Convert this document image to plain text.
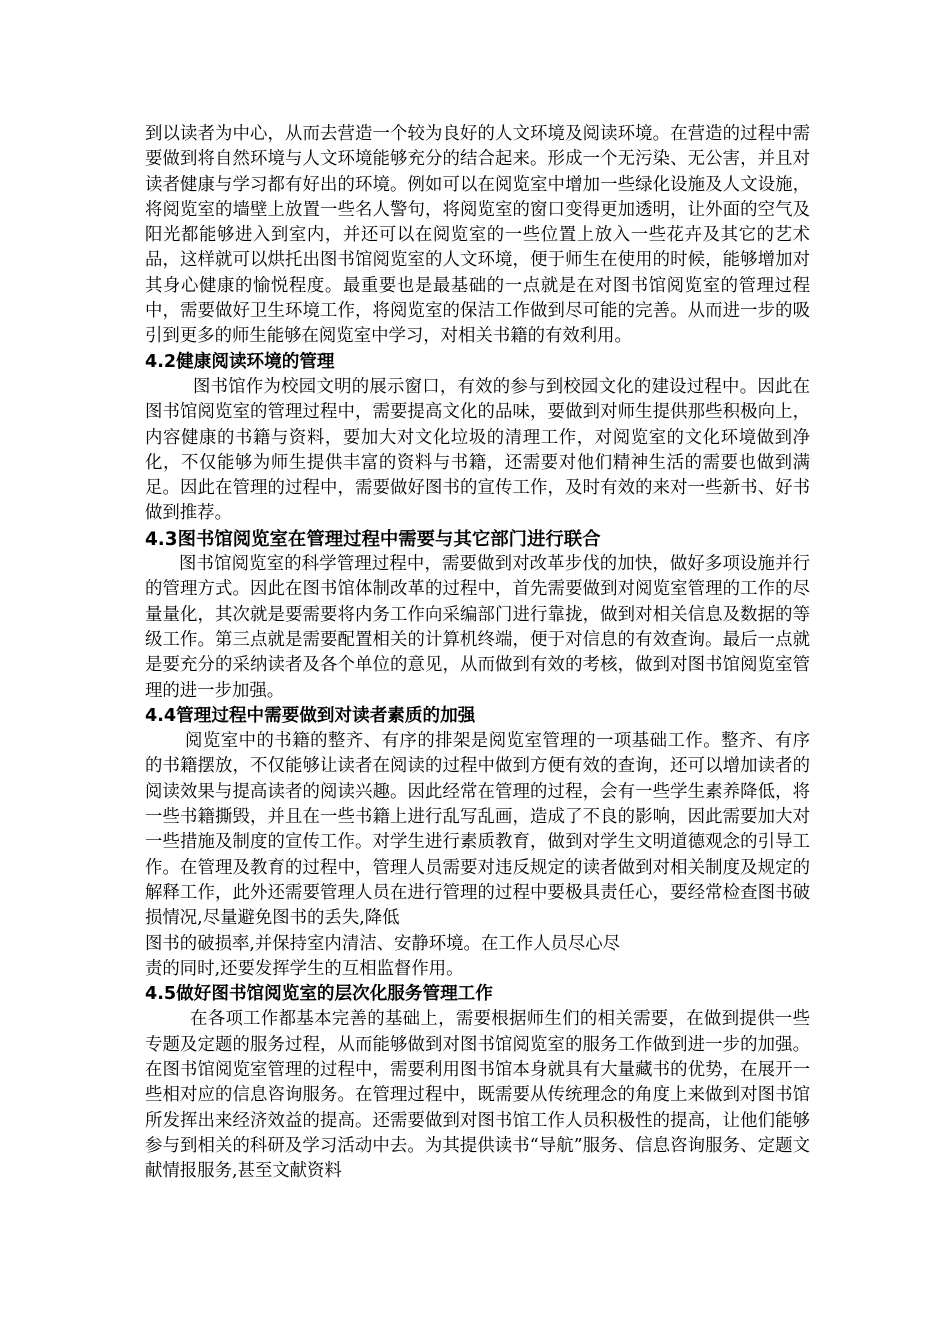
到以读者为中心，从而去营造一个较为良好的人文环境及阅读环境。在营造的过程中需要做到将自然环境与人文环境能够充分的结合起来。形成一个无污染、无公害，并且对读者健康与学习都有好出的环境。例如可以在阅览室中增加一些绿化设施及人文设施，将阅览室的墙壁上放置一些名人警句，将阅览室的窗口变得更加透明，让外面的空气及阳光都能够进入到室内，并还可以在阅览室的一些位置上放入一些花卉及其它的艺术品，这样就可以烘托出图书馆阅览室的人文环境，便于师生在使用的时候，能够增加对其身心健康的愉悦程度。最重要也是最基础的一点就是在对图书馆阅览室的管理过程中，需要做好卫生环境工作，将阅览室的保洁工作做到尽可能的完善。从而进一步的吸引到更多的师生能够在阅览室中学习，对相关书籍的有效利用。

4.2健康阅读环境的管理

图书馆作为校园文明的展示窗口，有效的参与到校园文化的建设过程中。因此在图书馆阅览室的管理过程中，需要提高文化的品味，要做到对师生提供那些积极向上，内容健康的书籍与资料，要加大对文化垃圾的清理工作，对阅览室的文化环境做到净化，不仅能够为师生提供丰富的资料与书籍，还需要对他们精神生活的需要也做到满足。因此在管理的过程中，需要做好图书的宣传工作，及时有效的来对一些新书、好书做到推荐。

4.3图书馆阅览室在管理过程中需要与其它部门进行联合

图书馆阅览室的科学管理过程中，需要做到对改革步伐的加快，做好多项设施并行的管理方式。因此在图书馆体制改革的过程中，首先需要做到对阅览室管理的工作的尽量量化，其次就是要需要将内务工作向采编部门进行靠拢，做到对相关信息及数据的等级工作。第三点就是需要配置相关的计算机终端，便于对信息的有效查询。最后一点就是要充分的采纳读者及各个单位的意见，从而做到有效的考核，做到对图书馆阅览室管理的进一步加强。

4.4管理过程中需要做到对读者素质的加强

阅览室中的书籍的整齐、有序的排架是阅览室管理的一项基础工作。整齐、有序的书籍摆放，不仅能够让读者在阅读的过程中做到方便有效的查询，还可以增加读者的阅读效果与提高读者的阅读兴趣。因此经常在管理的过程，会有一些学生素养降低，将一些书籍撕毁，并且在一些书籍上进行乱写乱画，造成了不良的影响，因此需要加大对一些措施及制度的宣传工作。对学生进行素质教育，做到对学生文明道德观念的引导工作。在管理及教育的过程中，管理人员需要对违反规定的读者做到对相关制度及规定的解释工作，此外还需要管理人员在进行管理的过程中要极具责任心，要经常检查图书破损情况,尽量避免图书的丢失,降低

图书的破损率,并保持室内清洁、安静环境。在工作人员尽心尽
责的同时,还要发挥学生的互相监督作用。
4.5做好图书馆阅览室的层次化服务管理工作

在各项工作都基本完善的基础上，需要根据师生们的相关需要，在做到提供一些专题及定题的服务过程，从而能够做到对图书馆阅览室的服务工作做到进一步的加强。在图书馆阅览室管理的过程中，需要利用图书馆本身就具有大量藏书的优势，在展开一些相对应的信息咨询服务。在管理过程中，既需要从传统理念的角度上来做到对图书馆所发挥出来经济效益的提高。还需要做到对图书馆工作人员积极性的提高，让他们能够参与到相关的科研及学习活动中去。为其提供读书“导航”服务、信息咨询服务、定题文献情报服务,甚至文献资料
